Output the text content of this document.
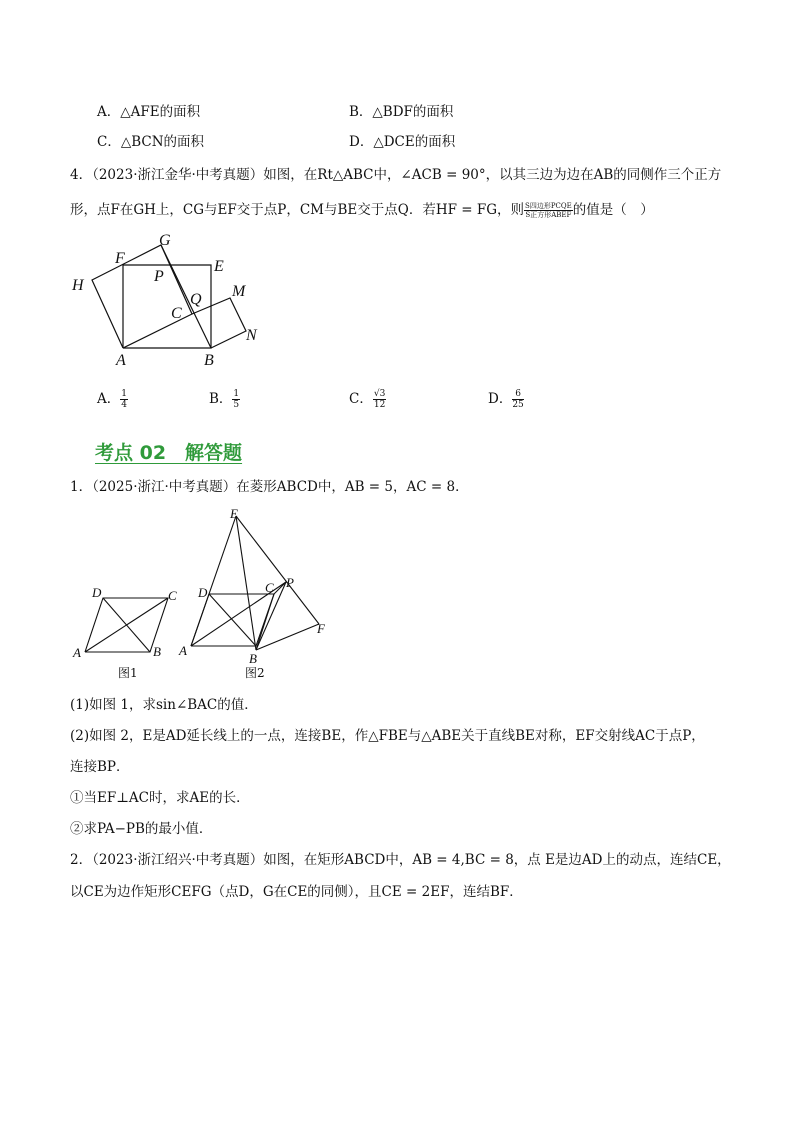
A．△AFE的面积	B．△BDF的面积
C．△BCN的面积	D．△DCE的面积
4．（2023·浙江金华·中考真题）如图，在Rt△ABC中，∠ACB = 90°，以其三边为边在AB的同侧作三个正方
形，点F在GH上，CG与EF交于点P，CM与BE交于点Q．若HF = FG，则 $\frac{\text{S四边形PCQE}}{\text{S正方形ABEF}}$ 的值是（　）
G
F	E
H
P
Q M
C
N
A	B
A． $\frac{1}{4}$	B． $\frac{1}{5}$	C． $\frac{√3}{12}$	D． $\frac{6}{25}$
考点 02　解答题
1．（2025·浙江·中考真题）在菱形ABCD中，AB = 5，AC = 8．
D	C
A	B
图1
E
D	C P
F
A
B
图2
(1)如图 1，求sin∠BAC的值．
(2)如图 2，E是AD延长线上的一点，连接BE，作△FBE与△ABE关于直线BE对称，EF交射线AC于点P，
连接BP．
①当EF⊥AC时，求AE的长．
②求PA−PB的最小值．
2．（2023·浙江绍兴·中考真题）如图，在矩形ABCD中，AB = 4,BC = 8，点 E是边AD上的动点，连结CE，
以CE为边作矩形CEFG（点D，G在CE的同侧），且CE = 2EF，连结BF．
